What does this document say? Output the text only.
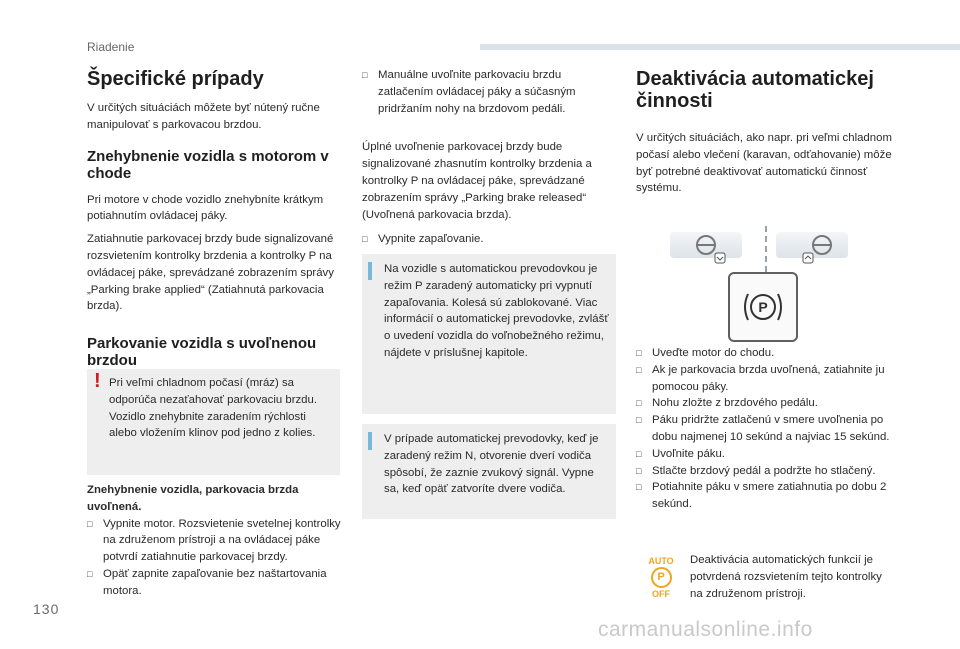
Riadenie
Špecifické prípady

V určitých situáciách môžete byť nútený ručne manipulovať s parkovacou brzdou.

Znehybnenie vozidla s motorom v chode

Pri motore v chode vozidlo znehybníte krátkym potiahnutím ovládacej páky.

Zatiahnutie parkovacej brzdy bude signalizované rozsvietením kontrolky brzdenia a kontrolky P na ovládacej páke, sprevádzané zobrazením správy „Parking brake applied“ (Zatiahnutá parkovacia brzda).

Parkovanie vozidla s uvoľnenou brzdou
! Pri veľmi chladnom počasí (mráz) sa odporúča nezaťahovať parkovaciu brzdu. Vozidlo znehybnite zaradením rýchlosti alebo vložením klinov pod jedno z kolies.

Znehybnenie vozidla, parkovacia brzda uvoľnená.

□ Vypnite motor. Rozsvietenie svetelnej kontrolky na združenom prístroji a na ovládacej páke potvrdí zatiahnutie parkovacej brzdy.
□ Opäť zapnite zapaľovanie bez naštartovania motora.
□ Manuálne uvoľnite parkovaciu brzdu zatlačením ovládacej páky a súčasným pridržaním nohy na brzdovom pedáli.

Úplné uvoľnenie parkovacej brzdy bude signalizované zhasnutím kontrolky brzdenia a kontrolky P na ovládacej páke, sprevádzané zobrazením správy „Parking brake released“ (Uvoľnená parkovacia brzda).

□ Vypnite zapaľovanie.

Na vozidle s automatickou prevodovkou je režim P zaradený automaticky pri vypnutí zapaľovania. Kolesá sú zablokované. Viac informácií o automatickej prevodovke, zvlášť o uvedení vozidla do voľnobežného režimu, nájdete v príslušnej kapitole.

V prípade automatickej prevodovky, keď je zaradený režim N, otvorenie dverí vodiča spôsobí, že zaznie zvukový signál. Vypne sa, keď opäť zatvoríte dvere vodiča.

Deaktivácia automatickej činnosti

V určitých situáciách, ako napr. pri veľmi chladnom počasí alebo vlečení (karavan, odťahovanie) môže byť potrebné deaktivovať automatickú činnosť systému.

P
□ Uveďte motor do chodu.
□ Ak je parkovacia brzda uvoľnená, zatiahnite ju pomocou páky.
□ Nohu zložte z brzdového pedálu.
□ Páku pridržte zatlačenú v smere uvoľnenia po dobu najmenej 10 sekúnd a najviac 15 sekúnd.
□ Uvoľnite páku.
□ Stlačte brzdový pedál a podržte ho stlačený.
□ Potiahnite páku v smere zatiahnutia po dobu 2 sekúnd.
AUTO
P
OFF

Deaktivácia automatických funkcií je potvrdená rozsvietením tejto kontrolky na združenom prístroji.

130
carmanualsonline.info
